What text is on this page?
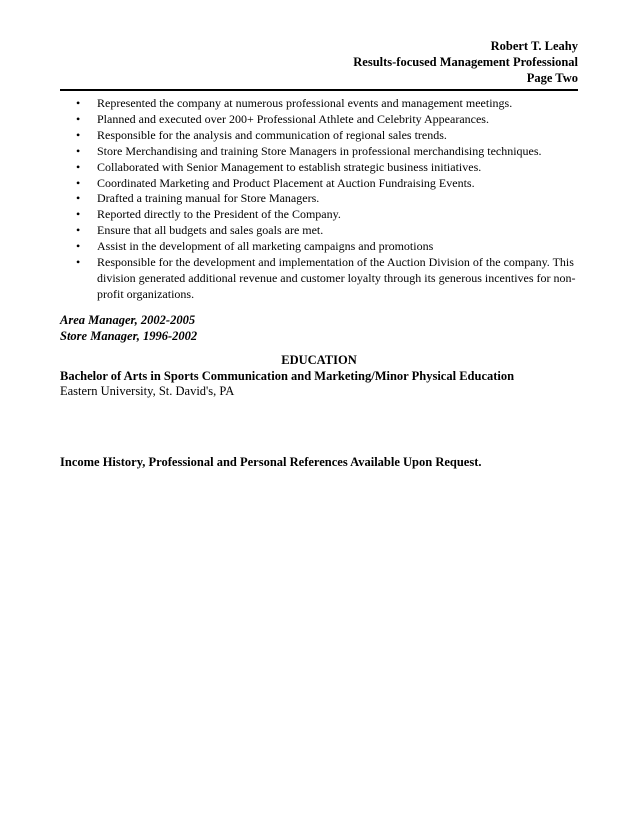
Robert T. Leahy
Results-focused Management Professional
Page Two
• Represented the company at numerous professional events and management meetings.
• Planned and executed over 200+ Professional Athlete and Celebrity Appearances.
• Responsible for the analysis and communication of regional sales trends.
• Store Merchandising and training Store Managers in professional merchandising techniques.
• Collaborated with Senior Management to establish strategic business initiatives.
• Coordinated Marketing and Product Placement at Auction Fundraising Events.
• Drafted a training manual for Store Managers.
• Reported directly to the President of the Company.
• Ensure that all budgets and sales goals are met.
• Assist in the development of all marketing campaigns and promotions
• Responsible for the development and implementation of the Auction Division of the company. This division generated additional revenue and customer loyalty through its generous incentives for non-profit organizations.
Area Manager, 2002-2005
Store Manager, 1996-2002
EDUCATION
Bachelor of Arts in Sports Communication and Marketing/Minor Physical Education
Eastern University, St. David's, PA
Income History, Professional and Personal References Available Upon Request.
